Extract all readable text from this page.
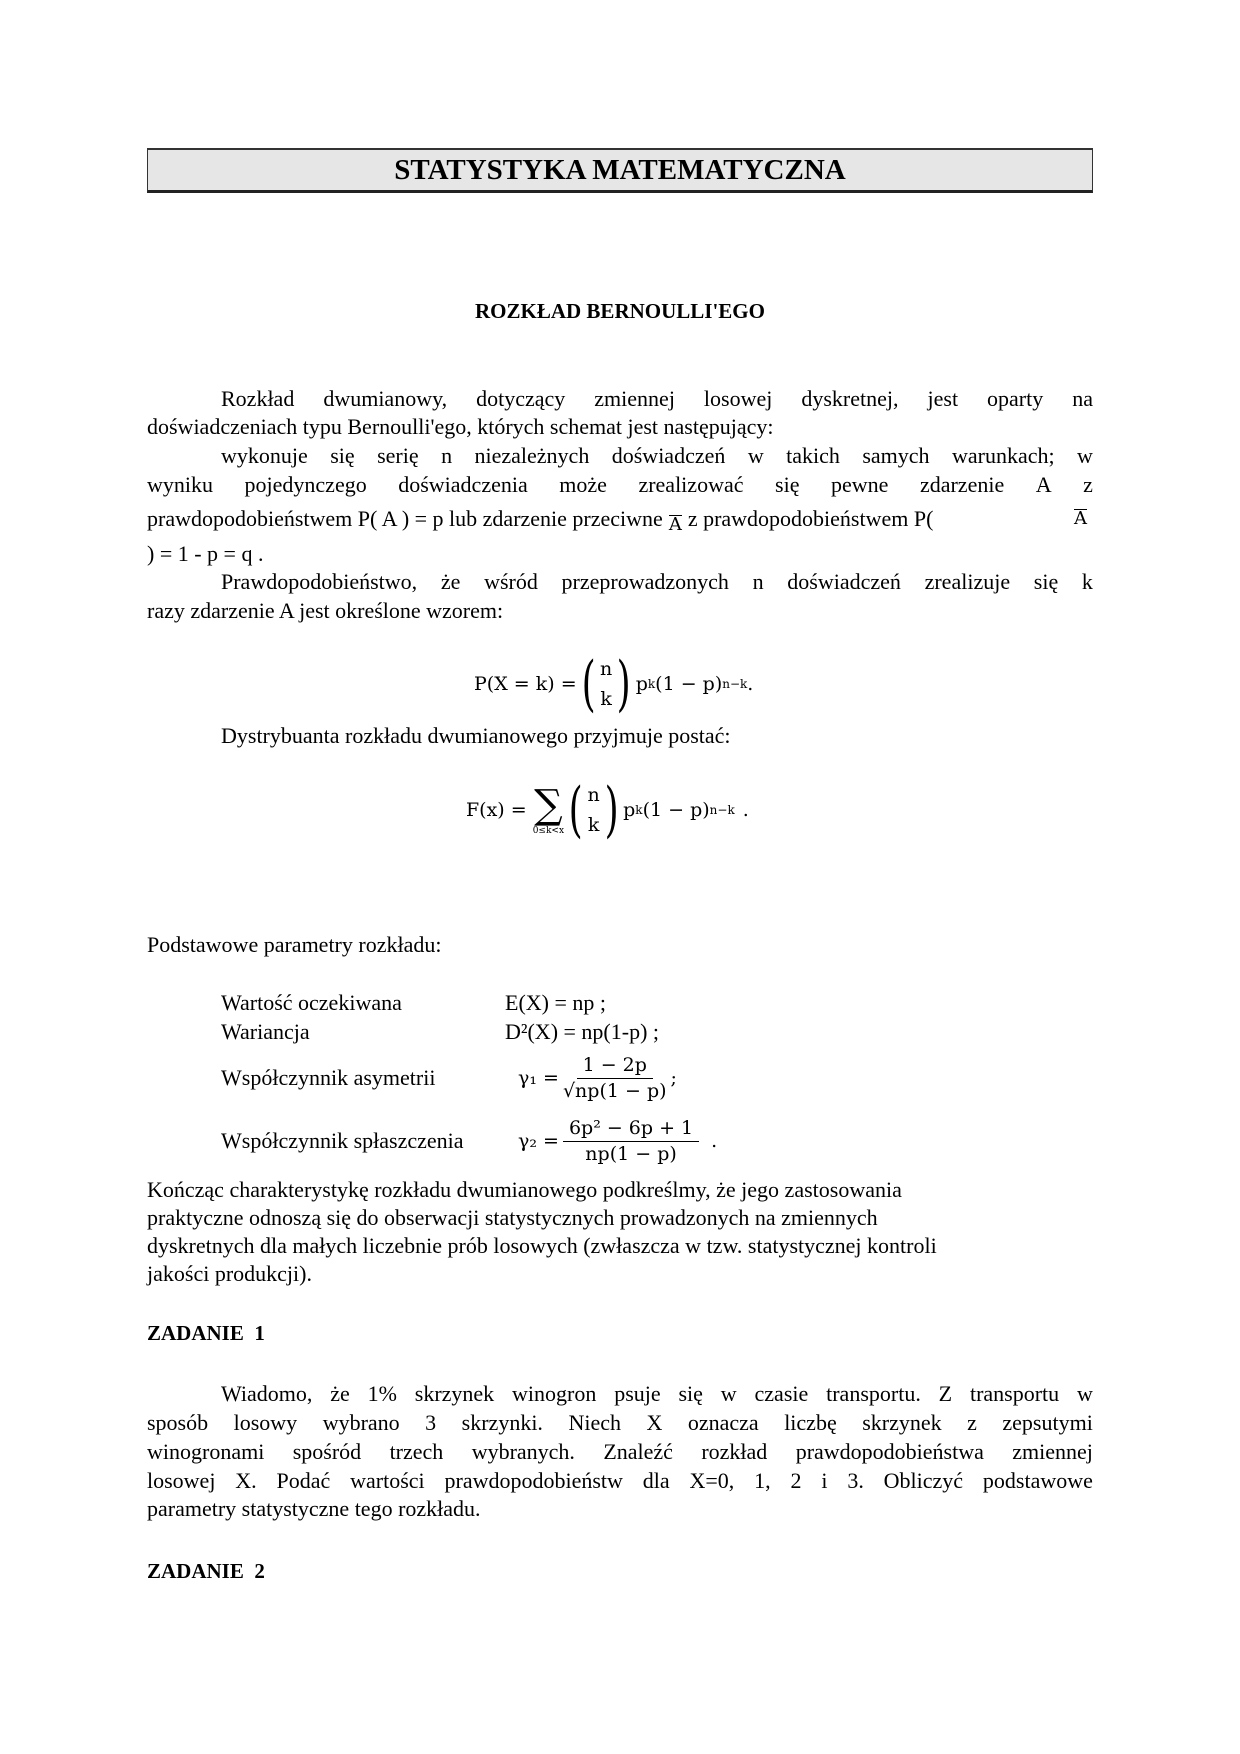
STATYSTYKA MATEMATYCZNA
ROZKŁAD BERNOULLI'EGO
Rozkład dwumianowy, dotyczący zmiennej losowej dyskretnej, jest oparty na
doświadczeniach typu Bernoulli'ego, których schemat jest następujący:
wykonuje się serię n niezależnych doświadczeń w takich samych warunkach; w
wyniku pojedynczego doświadczenia może zrealizować się pewne zdarzenie A z
prawdopodobieństwem P( A ) = p lub zdarzenie przeciwne A z prawdopodobieństwem P(	A
) = 1 - p = q .
Prawdopodobieństwo, że wśród przeprowadzonych n doświadczeń zrealizuje się k
razy zdarzenie A jest określone wzorem:
P(X = k) = ( n
k ) p k (1 − p) n−k .
Dystrybuanta rozkładu dwumianowego przyjmuje postać:
F(x) = ∑
0≤k<x ( n
k ) p k (1 − p) n−k .
Podstawowe parametry rozkładu:
Wartość oczekiwana	E(X) = np ;
Wariancja	D²(X) = np(1-p) ;
Współczynnik asymetrii	$\gamma_1 = \frac{1 - 2p}{√np(1 - p)}$ ;
Współczynnik spłaszczenia	$\gamma_2 = \frac{\text{6p² − 6p + 1}}{np(1 - p)}$ .
Kończąc charakterystykę rozkładu dwumianowego podkreślmy, że jego zastosowania
praktyczne odnoszą się do obserwacji statystycznych prowadzonych na zmiennych
dyskretnych dla małych liczebnie prób losowych (zwłaszcza w tzw. statystycznej kontroli
jakości produkcji).
ZADANIE  1
Wiadomo, że 1% skrzynek winogron psuje się w czasie transportu. Z transportu w
sposób losowy wybrano 3 skrzynki. Niech X oznacza liczbę skrzynek z zepsutymi
winogronami spośród trzech wybranych. Znaleźć rozkład prawdopodobieństwa zmiennej
losowej X. Podać wartości prawdopodobieństw dla X=0, 1, 2 i 3. Obliczyć podstawowe
parametry statystyczne tego rozkładu.
ZADANIE  2
